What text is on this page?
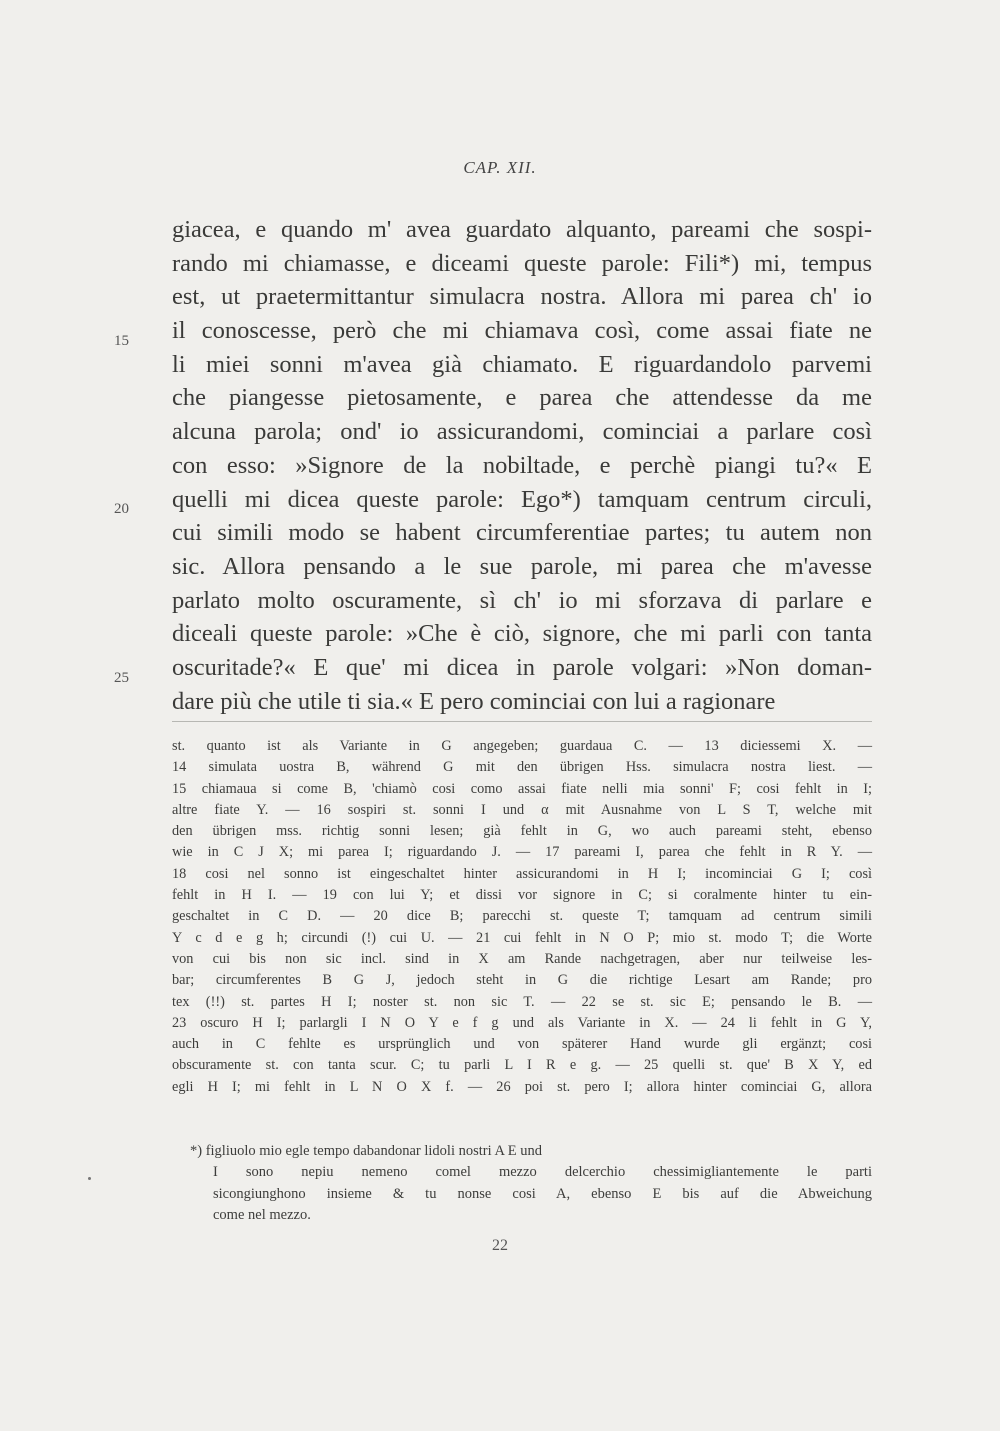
CAP. XII.
giacea, e quando m' avea guardato alquanto, pareami che sospi-
rando mi chiamasse, e diceami queste parole: Fili*) mi, tempus
est, ut praetermittantur simulacra nostra. Allora mi parea ch' io
il conoscesse, però che mi chiamava così, come assai fiate ne
li miei sonni m'avea già chiamato. E riguardandolo parvemi
che piangesse pietosamente, e parea che attendesse da me
alcuna parola; ond' io assicurandomi, cominciai a parlare così
con esso: »Signore de la nobiltade, e perchè piangi tu?« E
quelli mi dicea queste parole: Ego*) tamquam centrum circuli,
cui simili modo se habent circumferentiae partes; tu autem non
sic. Allora pensando a le sue parole, mi parea che m'avesse
parlato molto oscuramente, sì ch' io mi sforzava di parlare e
diceali queste parole: »Che è ciò, signore, che mi parli con tanta
oscuritade?« E que' mi dicea in parole volgari: »Non doman-
dare più che utile ti sia.« E pero cominciai con lui a ragionare
15
20
25
st. quanto ist als Variante in G angegeben; guardaua C. — 13 diciessemi X. —
14 simulata uostra B, während G mit den übrigen Hss. simulacra nostra liest. —
15 chiamaua si come B, 'chiamò cosi como assai fiate nelli mia sonni' F; cosi fehlt in I;
altre fiate Y. — 16 sospiri st. sonni I und α mit Ausnahme von L S T, welche mit
den übrigen mss. richtig sonni lesen; già fehlt in G, wo auch pareami steht, ebenso
wie in C J X; mi parea I; riguardando J. — 17 pareami I, parea che fehlt in R Y. —
18 cosi nel sonno ist eingeschaltet hinter assicurandomi in H I; incominciai G I; così
fehlt in H I. — 19 con lui Y; et dissi vor signore in C; si coralmente hinter tu ein-
geschaltet in C D. — 20 dice B; parecchi st. queste T; tamquam ad centrum simili
Y c d e g h; circundi (!) cui U. — 21 cui fehlt in N O P; mio st. modo T; die Worte
von cui bis non sic incl. sind in X am Rande nachgetragen, aber nur teilweise les-
bar; circumferentes B G J, jedoch steht in G die richtige Lesart am Rande; pro
tex (!!) st. partes H I; noster st. non sic T. — 22 se st. sic E; pensando le B. —
23 oscuro H I; parlargli I N O Y e f g und als Variante in X. — 24 li fehlt in G Y,
auch in C fehlte es ursprünglich und von späterer Hand wurde gli ergänzt; cosi
obscuramente st. con tanta scur. C; tu parli L I R e g. — 25 quelli st. que' B X Y, ed
egli H I; mi fehlt in L N O X f. — 26 poi st. pero I; allora hinter cominciai G, allora
*) figliuolo mio egle tempo dabandonar lidoli nostri A E und
I sono nepiu nemeno comel mezzo delcerchio chessimigliantemente le parti
sicongiunghono insieme & tu nonse cosi A, ebenso E bis auf die Abweichung
come nel mezzo.
22
